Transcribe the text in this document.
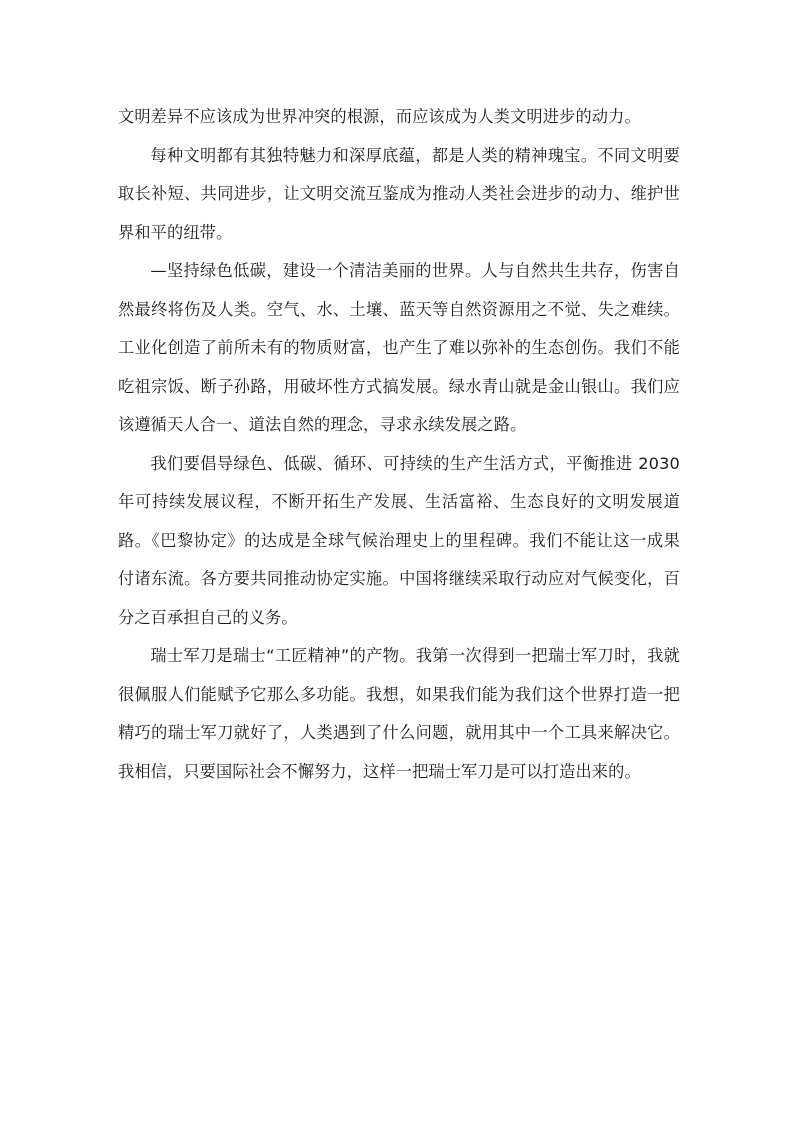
文明差异不应该成为世界冲突的根源，而应该成为人类文明进步的动力。

每种文明都有其独特魅力和深厚底蕴，都是人类的精神瑰宝。不同文明要取长补短、共同进步，让文明交流互鉴成为推动人类社会进步的动力、维护世界和平的纽带。

—坚持绿色低碳，建设一个清洁美丽的世界。人与自然共生共存，伤害自然最终将伤及人类。空气、水、土壤、蓝天等自然资源用之不觉、失之难续。工业化创造了前所未有的物质财富，也产生了难以弥补的生态创伤。我们不能吃祖宗饭、断子孙路，用破坏性方式搞发展。绿水青山就是金山银山。我们应该遵循天人合一、道法自然的理念，寻求永续发展之路。

我们要倡导绿色、低碳、循环、可持续的生产生活方式，平衡推进 2030 年可持续发展议程，不断开拓生产发展、生活富裕、生态良好的文明发展道路。《巴黎协定》的达成是全球气候治理史上的里程碑。我们不能让这一成果付诸东流。各方要共同推动协定实施。中国将继续采取行动应对气候变化，百分之百承担自己的义务。

瑞士军刀是瑞士“工匠精神”的产物。我第一次得到一把瑞士军刀时，我就很佩服人们能赋予它那么多功能。我想，如果我们能为我们这个世界打造一把精巧的瑞士军刀就好了，人类遇到了什么问题，就用其中一个工具来解决它。我相信，只要国际社会不懈努力，这样一把瑞士军刀是可以打造出来的。
